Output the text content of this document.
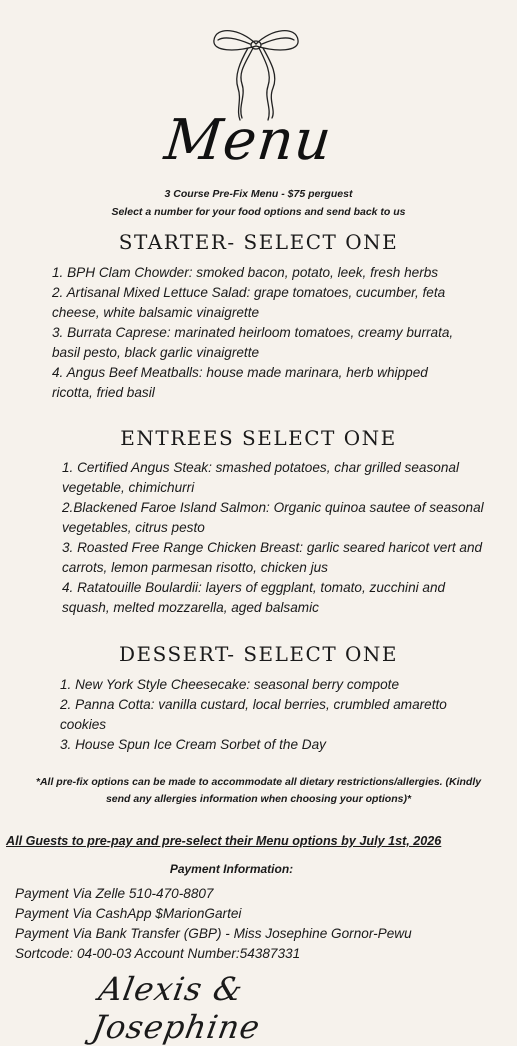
Menu
3 Course Pre-Fix Menu - $75 perguest
Select a number for your food options and send back to us
STARTER- SELECT ONE
1. BPH Clam Chowder: smoked bacon, potato, leek, fresh herbs
2. Artisanal Mixed Lettuce Salad: grape tomatoes, cucumber, feta cheese, white balsamic vinaigrette
3. Burrata Caprese: marinated heirloom tomatoes, creamy burrata, basil pesto, black garlic vinaigrette
4. Angus Beef Meatballs: house made marinara, herb whipped ricotta, fried basil
ENTREES SELECT ONE
1. Certified Angus Steak: smashed potatoes, char grilled seasonal vegetable, chimichurri
2.Blackened Faroe Island Salmon: Organic quinoa sautee of seasonal vegetables, citrus pesto
3. Roasted Free Range Chicken Breast: garlic seared haricot vert and carrots, lemon parmesan risotto, chicken jus
4. Ratatouille Boulardii: layers of eggplant, tomato, zucchini and squash, melted mozzarella, aged balsamic
DESSERT- SELECT ONE
1. New York Style Cheesecake: seasonal berry compote
2. Panna Cotta: vanilla custard, local berries, crumbled amaretto cookies
3. House Spun Ice Cream Sorbet of the Day
*All pre-fix options can be made to accommodate all dietary restrictions/allergies. (Kindly send any allergies information when choosing your options)*
All Guests to pre-pay and pre-select their Menu options by July 1st, 2026
Payment Information:
Payment Via Zelle 510-470-8807
Payment Via CashApp $MarionGartei
Payment Via Bank Transfer (GBP) - Miss Josephine Gornor-Pewu
Sortcode: 04-00-03 Account Number:54387331
Alexis & Josephine
